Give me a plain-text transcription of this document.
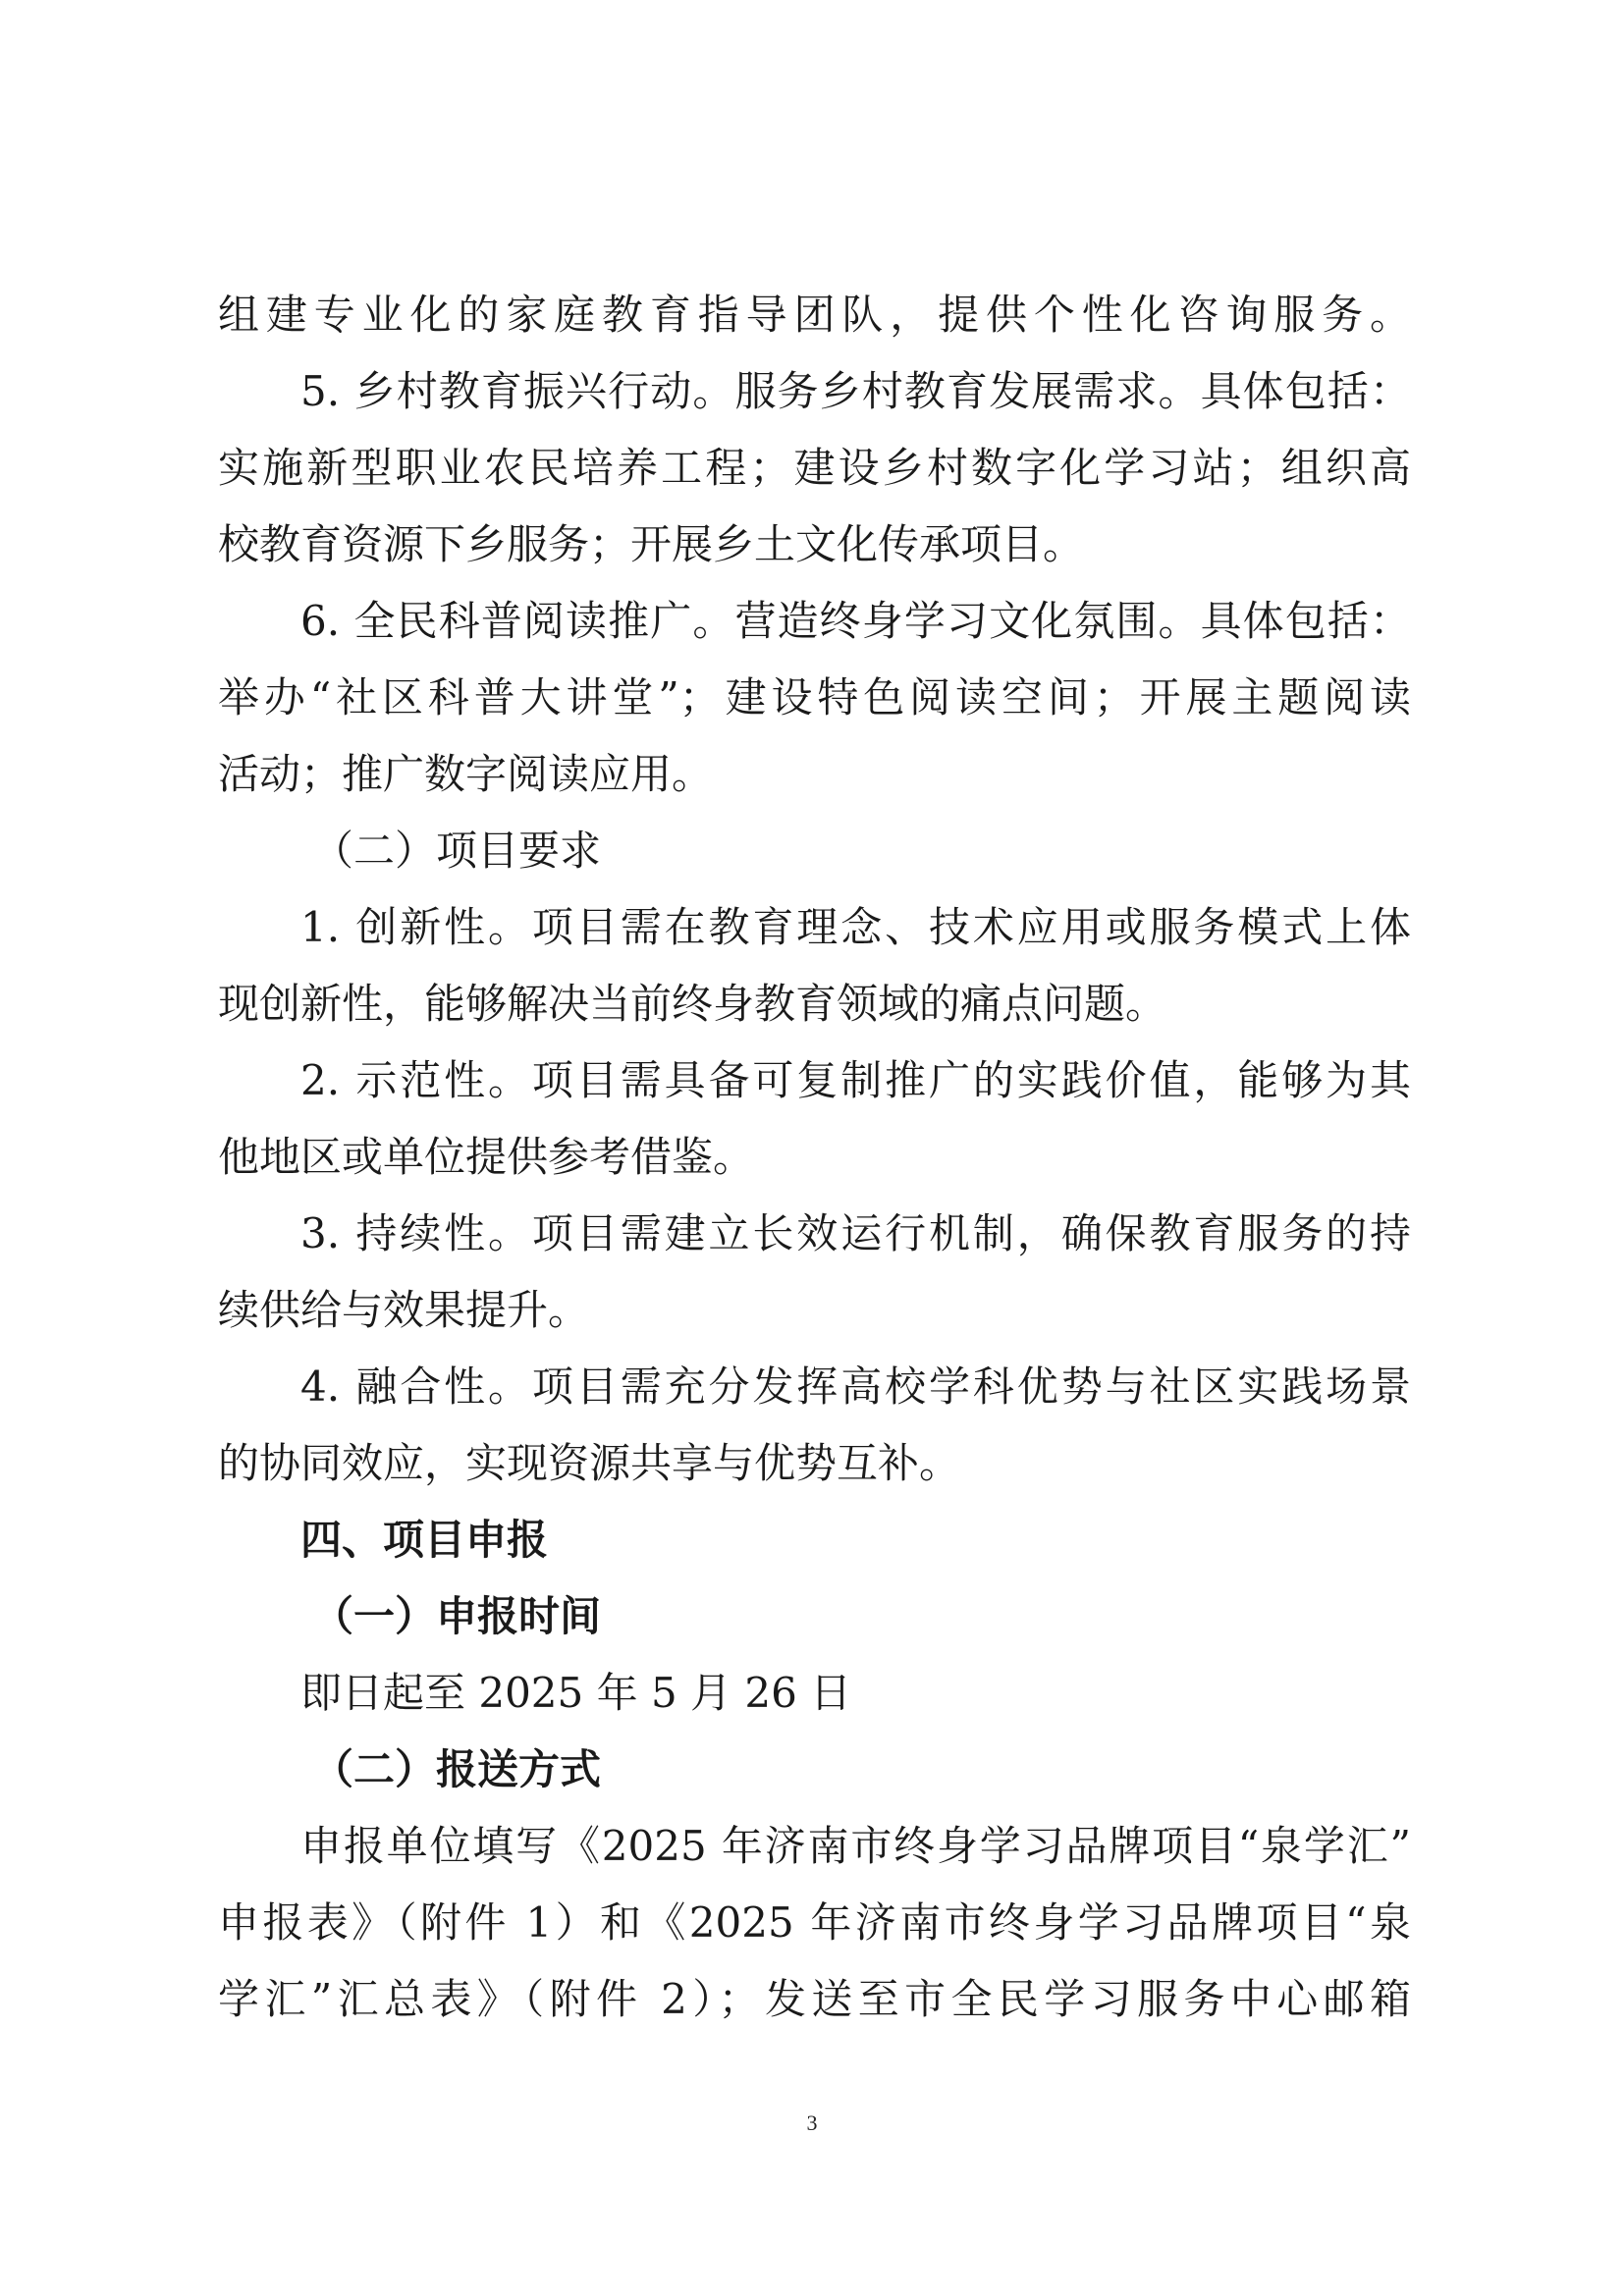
组建专业化的家庭教育指导团队，提供个性化咨询服务。
5. 乡村教育振兴行动。服务乡村教育发展需求。具体包括：
实施新型职业农民培养工程；建设乡村数字化学习站；组织高
校教育资源下乡服务；开展乡土文化传承项目。
6. 全民科普阅读推广。营造终身学习文化氛围。具体包括：
举办“社区科普大讲堂”；建设特色阅读空间；开展主题阅读
活动；推广数字阅读应用。
（二）项目要求
1. 创新性。项目需在教育理念、技术应用或服务模式上体
现创新性，能够解决当前终身教育领域的痛点问题。
2. 示范性。项目需具备可复制推广的实践价值，能够为其
他地区或单位提供参考借鉴。
3. 持续性。项目需建立长效运行机制，确保教育服务的持
续供给与效果提升。
4. 融合性。项目需充分发挥高校学科优势与社区实践场景
的协同效应，实现资源共享与优势互补。
四、项目申报
（一）申报时间
即日起至 2025 年 5 月 26 日
（二）报送方式
申报单位填写《2025 年济南市终身学习品牌项目“泉学汇”
申报表》（附件 1）和《2025 年济南市终身学习品牌项目“泉
学汇”汇总表》（附件 2）；发送至市全民学习服务中心邮箱
3
